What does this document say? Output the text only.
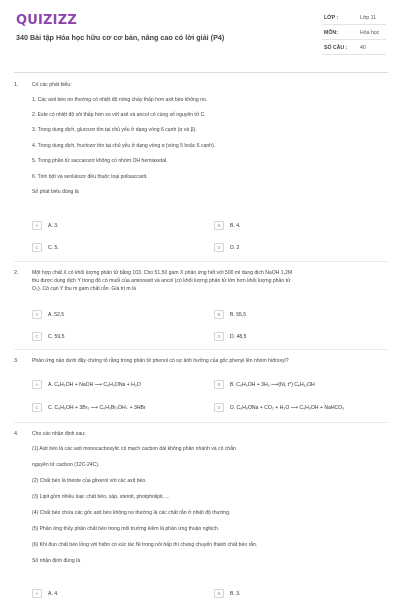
QUIZIZZ
340 Bài tập Hóa học hữu cơ cơ bản, nâng cao có lời giải (P4)
LỚP :	Lớp 11
MÔN:	Hóa học
SỐ CÂU : 40
1.	Có các phát biểu:
1. Các axit béo no thường có nhiệt độ nóng chảy thấp hơn axit béo không no.
2. Este có nhiệt độ sôi thấp hơn so với axit và ancol có cùng số nguyên tử C.
3. Trong dung dịch, glucozơ tồn tại chủ yếu ở dạng vòng 6 cạnh (α và β).
4. Trong dung dịch, fructozơ tồn tại chủ yếu ở dạng vòng α (vòng 5 hoặc 6 cạnh).
5. Trong phân tử saccarozơ không có nhóm OH hemiaxetal.
6. Tinh bột và xenlulozơ đều thuộc loại polisaccarit.
Số phát biểu đúng là
A	A. 3.	B	B. 4.
C	C. 5.	D	D. 2
2.	Một hợp chất X có khối lượng phân tử bằng 103. Cho 51,50 gam X phản ứng hết với 500 ml dung dịch NaOH 1,2M
thu được dung dịch Y trong đó có muối của aminoaxit và ancol (có khối lượng phân tử lớn hơn khối lượng phân tử
O₂). Cô cạn Y thu m gam chất rắn. Giá trị m là
A	A. 52,5	B	B. 55,5
C	C. 59,5	D	D. 48,5
3.	Phản ứng nào dưới đây chứng tỏ rằng trong phân tử phenol có sự ảnh hưởng của gốc phenyl lên nhóm hiđroxyl?
A	A. C₆H₅OH + NaOH ⟶ C₆H₅ONa + H₂O	B	B. C₆H₅OH + 3H₂ ⟶(Ni, t°) C₆H₁₁OH
C	C. C₆H₅OH + 3Br₂ ⟶ C₆H₂Br₃OH↓ + 3HBr	D	D. C₆H₅ONa + CO₂ + H₂O ⟶ C₆H₅OH + NaHCO₃
4.	Cho các nhận định sau:
(1) Axit béo là các axit monocacboxylic có mạch cacbon dài không phân nhánh và có chẵn
nguyên tử cacbon (12C-24C).
(2) Chất béo là trieste của glixerol với các axit béo.
(3) Lipit gồm nhiều loại: chất béo, sáp, steroit, photpholipit, ...
(4) Chất béo chứa các gốc axit béo không no thường là các chất rắn ở nhiệt độ thường.
(5) Phản ứng thủy phân chất béo trong môi trường kiềm là phản ứng thuận nghịch.
(6) Khi đun chất béo lỏng với hiđro có xúc tác Ni trong nồi hấp thì chúng chuyển thành chất béo rắn.
Số nhận định đúng là
A	A. 4.	B	B. 3.
